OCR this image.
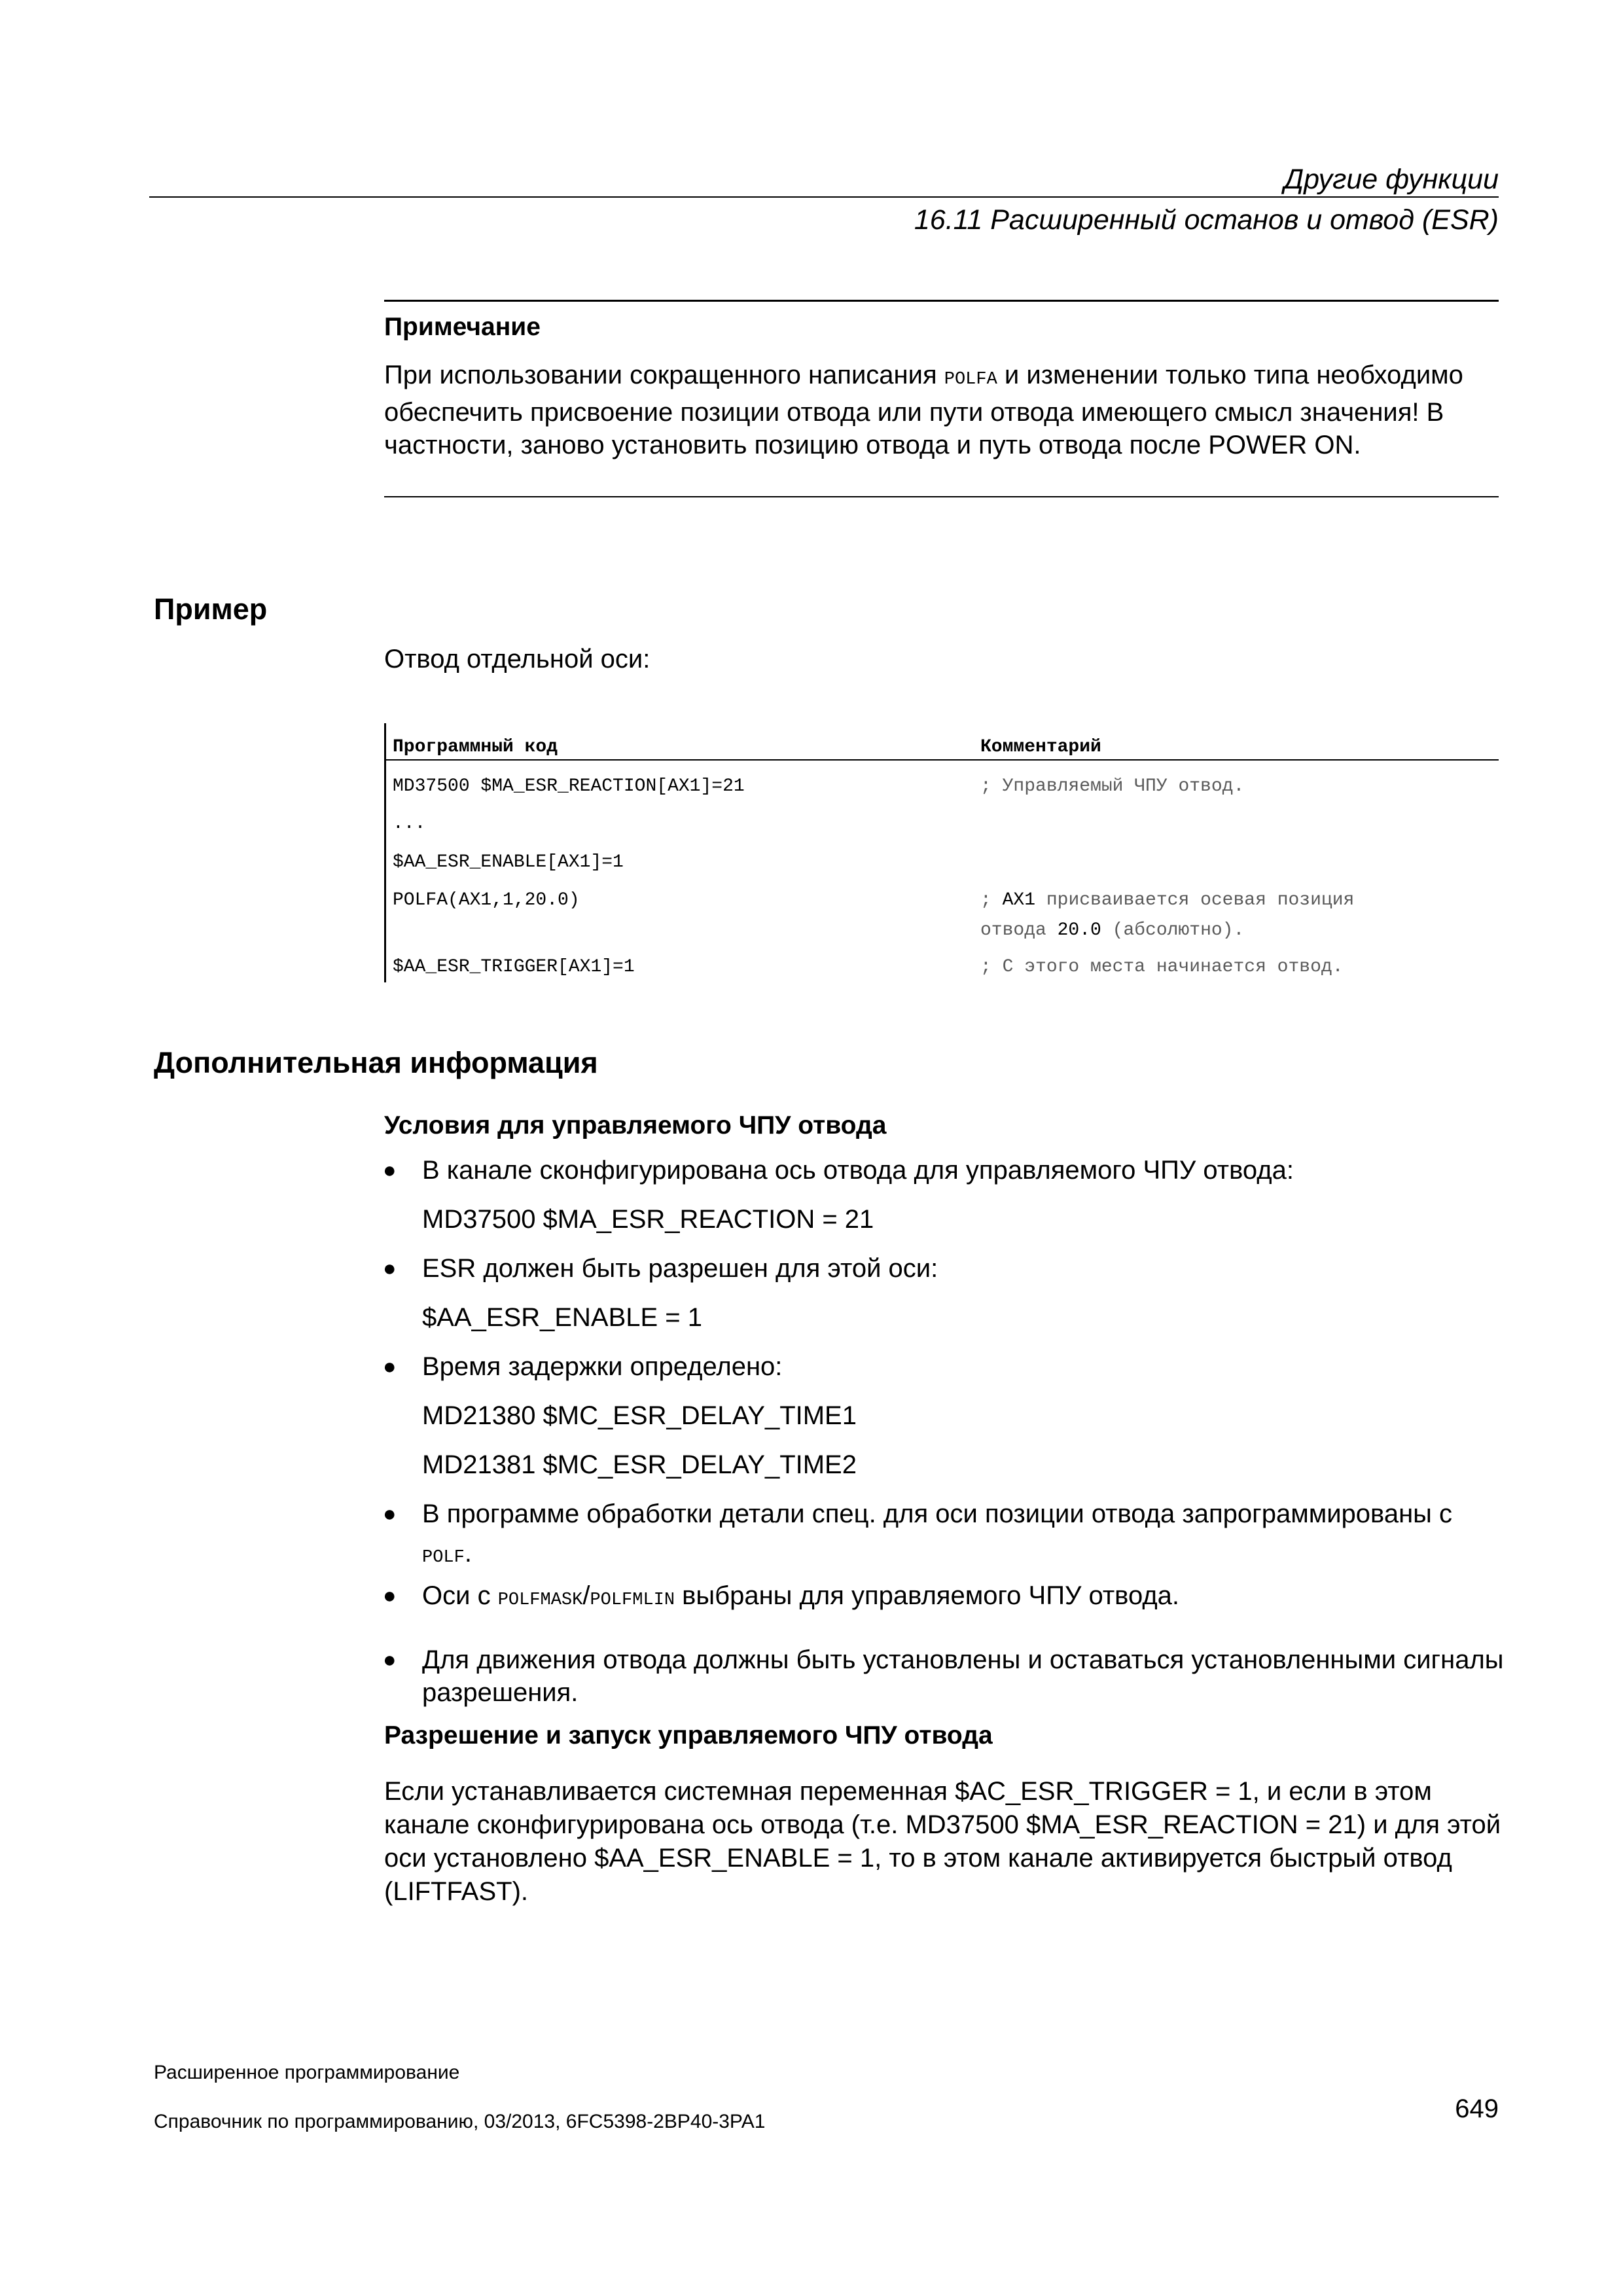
Другие функции
16.11 Расширенный останов и отвод (ESR)
Примечание
При использовании сокращенного написания POLFA и изменении только типа необходимо обеспечить присвоение позиции отвода или пути отвода имеющего смысл значения! В частности, заново установить позицию отвода и путь отвода после POWER ON.
Пример
Отвод отдельной оси:
Программный код	Комментарий
MD37500 $MA_ESR_REACTION[AX1]=21	; Управляемый ЧПУ отвод.
...
$AA_ESR_ENABLE[AX1]=1
POLFA(AX1,1,20.0)	; AX1 присваивается осевая позиция
отвода 20.0 (абсолютно).
$AA_ESR_TRIGGER[AX1]=1	; С этого места начинается отвод.
Дополнительная информация
Условия для управляемого ЧПУ отвода
● В канале сконфигурирована ось отвода для управляемого ЧПУ отвода:
MD37500 $MA_ESR_REACTION = 21
● ESR должен быть разрешен для этой оси:
$AA_ESR_ENABLE = 1
● Время задержки определено:
MD21380 $MC_ESR_DELAY_TIME1
MD21381 $MC_ESR_DELAY_TIME2
● В программе обработки детали спец. для оси позиции отвода запрограммированы с
POLF.
● Оси с POLFMASK/POLFMLIN выбраны для управляемого ЧПУ отвода.
● Для движения отвода должны быть установлены и оставаться установленными сигналы разрешения.
Разрешение и запуск управляемого ЧПУ отвода
Если устанавливается системная переменная $AC_ESR_TRIGGER = 1, и если в этом канале сконфигурирована ось отвода (т.е. MD37500 $MA_ESR_REACTION = 21) и для этой оси установлено $AA_ESR_ENABLE = 1, то в этом канале активируется быстрый отвод (LIFTFAST).
Расширенное программирование
Справочник по программированию, 03/2013, 6FC5398-2BP40-3PA1	649
